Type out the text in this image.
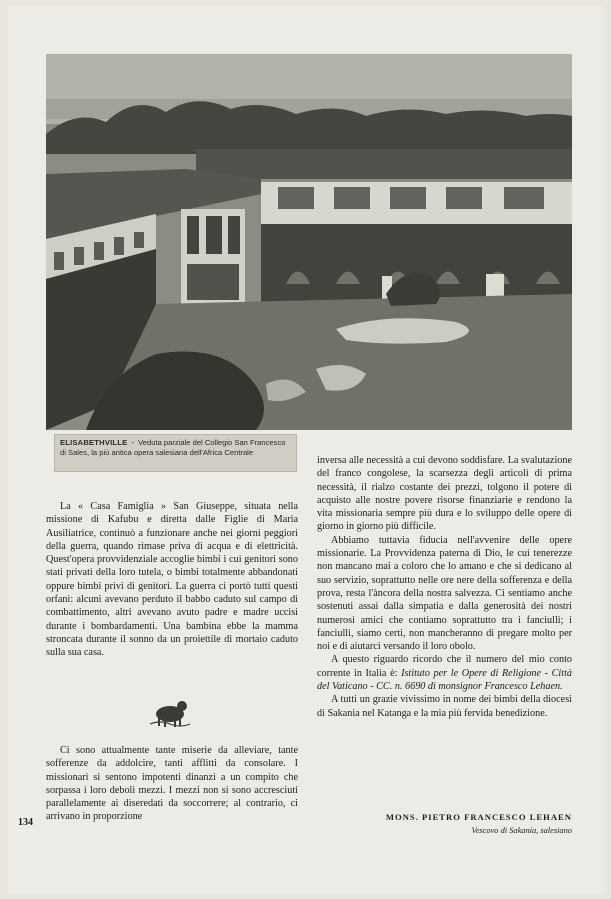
ELISABETHVILLE - Veduta parziale del Collegio San Francesco di Sales, la più antica opera salesiana dell'Africa Centrale

La « Casa Famiglia » San Giuseppe, situata nella missione di Kafubu e diretta dalle Figlie di Maria Ausiliatrice, continuò a funzionare anche nei giorni peggiori della guerra, quando rimase priva di acqua e di elettricità. Quest'opera provvidenziale accoglie bimbi i cui genitori sono stati privati della loro tutela, o bimbi totalmente abbandonati oppure bimbi privi di genitori. La guerra ci portò tutti questi orfani: alcuni avevano perduto il babbo caduto sul campo di combattimento, altri avevano avuto padre e madre uccisi durante i bombardamenti. Una bambina ebbe la mamma stroncata durante il sonno da un proiettile di mortaio caduto sulla sua casa.

Ci sono attualmente tante miserie da alleviare, tante sofferenze da addolcire, tanti afflitti da consolare. I missionari si sentono impotenti dinanzi a un compito che sorpassa i loro deboli mezzi. I mezzi non si sono accresciuti parallelamente ai diseredati da soccorrere; al contrario, ci arrivano in proporzione

134

inversa alle necessità a cui devono soddisfare. La svalutazione del franco congolese, la scarsezza degli articoli di prima necessità, il rialzo costante dei prezzi, tolgono il potere di acquisto alle nostre povere risorse finanziarie e rendono la vita missionaria sempre più dura e lo sviluppo delle opere di giorno in giorno più difficile.

Abbiamo tuttavia fiducia nell'avvenire delle opere missionarie. La Provvidenza paterna di Dio, le cui tenerezze non mancano mai a coloro che lo amano e che si dedicano al suo servizio, soprattutto nelle ore nere della sofferenza e della prova, resta l'àncora della nostra salvezza. Ci sentiamo anche sostenuti assai dalla simpatia e dalla generosità dei nostri numerosi amici che contiamo soprattutto tra i fanciulli; i fanciulli, siamo certi, non mancheranno di pregare molto per noi e di aiutarci versando il loro obolo.

A questo riguardo ricordo che il numero del mio conto corrente in Italia è: Istituto per le Opere di Religione - Città del Vaticano - CC. n. 6690 di monsignor Francesco Lehaen.

A tutti un grazie vivissimo in nome dei bimbi della diocesi di Sakania nel Katanga e la mia più fervida benedizione.

MONS. PIETRO FRANCESCO LEHAEN
Vescovo di Sakania, salesiano
